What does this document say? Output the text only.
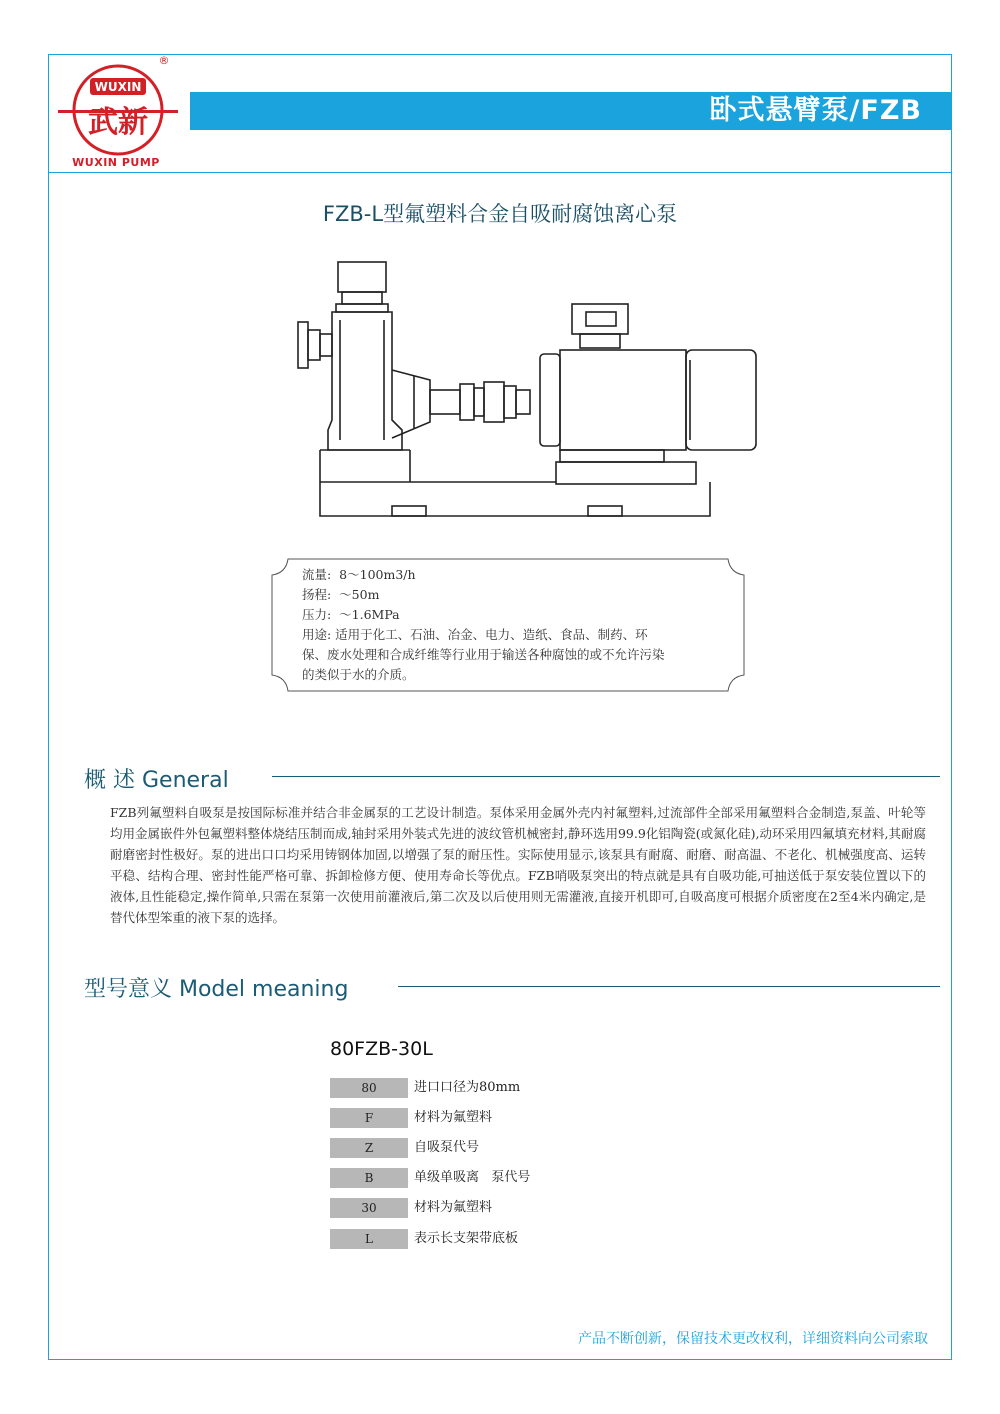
WUXIN
武新
®
WUXIN PUMP
卧式悬臂泵/FZB
FZB-L型氟塑料合金自吸耐腐蚀离心泵
流量:  8～100m3/h
扬程:  ～50m
压力:  ～1.6MPa
用途: 适用于化工、石油、冶金、电力、造纸、食品、制药、环
保、废水处理和合成纤维等行业用于输送各种腐蚀的或不允许污染
的类似于水的介质。
概 述 General
FZB列氟塑料自吸泵是按国际标准并结合非金属泵的工艺设计制造。泵体采用金属外壳内衬氟塑料,过流部件全部采用氟塑料合金制造,泵盖、叶轮等均用金属嵌件外包氟塑料整体烧结压制而成,轴封采用外装式先进的波纹管机械密封,静环选用99.9化铝陶瓷(或氮化硅),动环采用四氟填充材料,其耐腐耐磨密封性极好。泵的进出口口均采用铸钢体加固,以增强了泵的耐压性。实际使用显示,该泵具有耐腐、耐磨、耐高温、不老化、机械强度高、运转平稳、结构合理、密封性能严格可靠、拆卸检修方便、使用寿命长等优点。FZB哨吸泵突出的特点就是具有自吸功能,可抽送低于泵安装位置以下的液体,且性能稳定,操作简单,只需在泵第一次使用前灌液后,第二次及以后使用则无需灌液,直接开机即可,自吸高度可根据介质密度在2至4米内确定,是替代体型笨重的液下泵的选择。
型号意义 Model meaning
80FZB-30L
80	进口口径为80mm
F	材料为氟塑料
Z	自吸泵代号
B	单级单吸离   泵代号
30	材料为氟塑料
L	表示长支架带底板
产品不断创新，保留技术更改权利，详细资料向公司索取
